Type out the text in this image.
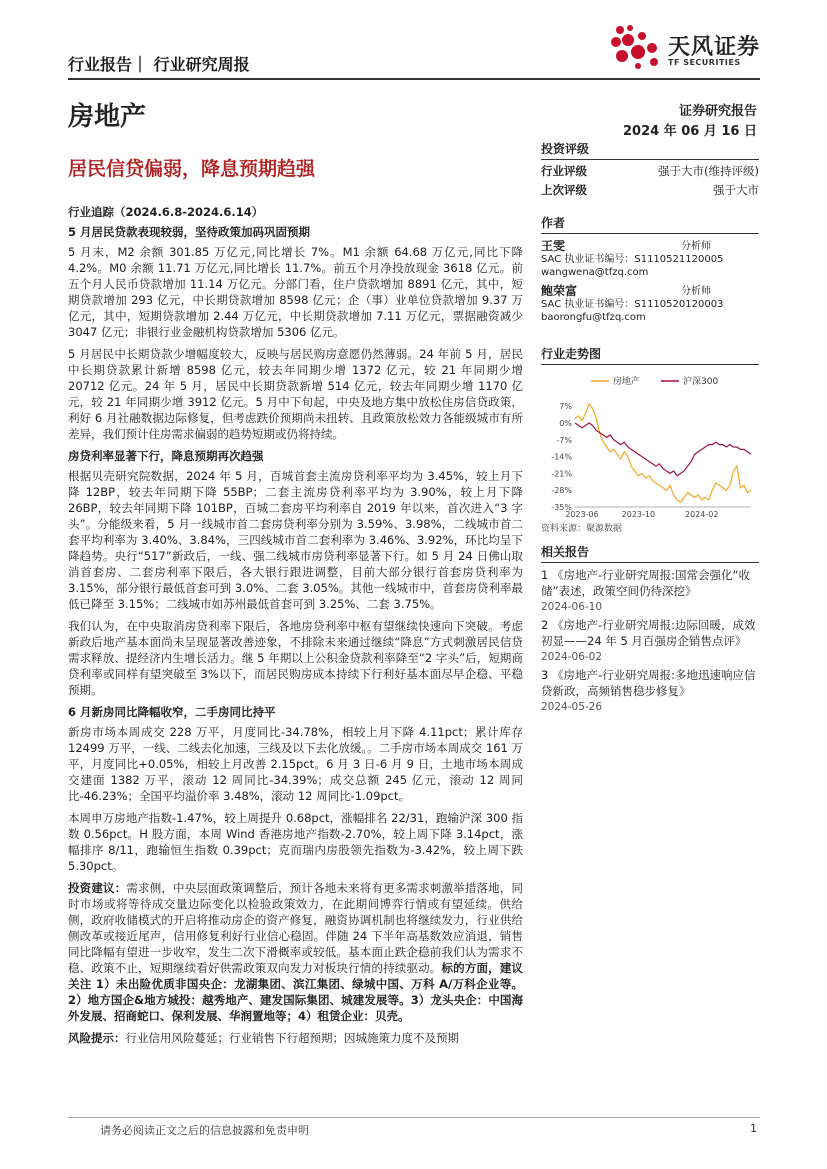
行业报告｜ 行业研究周报
天风证券
TF SECURITIES
房地产	证券研究报告
2024 年 06 月 16 日
居民信贷偏弱，降息预期趋强
行业追踪（2024.6.8-2024.6.14）
5 月居民贷款表现较弱，坚待政策加码巩固预期

5 月末，M2 余额 301.85 万亿元,同比增长 7%。M1 余额 64.68 万亿元,同比下降 4.2%。M0 余额 11.71 万亿元,同比增长 11.7%。前五个月净投放现金 3618 亿元。前五个月人民币贷款增加 11.14 万亿元。分部门看，住户贷款增加 8891 亿元，其中，短期贷款增加 293 亿元，中长期贷款增加 8598 亿元；企（事）业单位贷款增加 9.37 万亿元，其中，短期贷款增加 2.44 万亿元，中长期贷款增加 7.11 万亿元，票据融资减少 3047 亿元；非银行业金融机构贷款增加 5306 亿元。

5 月居民中长期贷款少增幅度较大，反映与居民购房意愿仍然薄弱。24 年前 5 月，居民中长期贷款累计新增 8598 亿元，较去年同期少增 1372 亿元，较 21 年同期少增 20712 亿元。24 年 5 月，居民中长期贷款新增 514 亿元，较去年同期少增 1170 亿元，较 21 年同期少增 3912 亿元。5 月中下旬起，中央及地方集中放松住房信贷政策，利好 6 月社融数据边际修复，但考虑跌价预期尚未扭转、且政策放松效力各能级城市有所差异，我们预计住房需求偏弱的趋势短期或仍将持续。

房贷利率显著下行，降息预期再次趋强

根据贝壳研究院数据，2024 年 5 月，百城首套主流房贷利率平均为 3.45%，较上月下降 12BP，较去年同期下降 55BP；二套主流房贷利率平均为 3.90%，较上月下降 26BP，较去年同期下降 101BP，百城二套房平均利率自 2019 年以来，首次进入“3 字头”。分能级来看，5 月一线城市首二套房贷利率分别为 3.59%、3.98%，二线城市首二套平均利率为 3.40%、3.84%，三四线城市首二套利率为 3.46%、3.92%，环比均呈下降趋势。央行“517”新政后，一线、强二线城市房贷利率显著下行。如 5 月 24 日佛山取消首套房、二套房利率下限后，各大银行跟进调整，目前大部分银行首套房贷利率为 3.15%，部分银行最低首套可到 3.0%、二套 3.05%。其他一线城市中，首套房贷利率最低已降至 3.15%；二线城市如苏州最低首套可到 3.25%、二套 3.75%。

我们认为，在中央取消房贷利率下限后，各地房贷利率中枢有望继续快速向下突破。考虑新政后地产基本面尚未呈现显著改善迹象，不排除未来通过继续“降息”方式刺激居民信贷需求释放、提经济内生增长活力。继 5 年期以上公积金贷款利率降至“2 字头”后，短期商贷利率或同样有望突破至 3%以下，而居民购房成本持续下行利好基本面尽早企稳、平稳预期。

6 月新房同比降幅收窄，二手房同比持平

新房市场本周成交 228 万平，月度同比-34.78%，相较上月下降 4.11pct；累计库存 12499 万平，一线、二线去化加速，三线及以下去化放缓。。二手房市场本周成交 161 万平，月度同比+0.05%，相较上月改善 2.15pct。6 月 3 日-6 月 9 日，土地市场本周成交建面 1382 万平，滚动 12 周同比-34.39%；成交总额 245 亿元，滚动 12 周同比-46.23%；全国平均溢价率 3.48%，滚动 12 周同比-1.09pct。

本周申万房地产指数-1.47%，较上周提升 0.68pct，涨幅排名 22/31，跑输沪深 300 指数 0.56pct。H 股方面，本周 Wind 香港房地产指数-2.70%，较上周下降 3.14pct，涨幅排序 8/11，跑输恒生指数 0.39pct；克而瑞内房股领先指数为-3.42%，较上周下跌 5.30pct。

投资建议：需求侧，中央层面政策调整后，预计各地未来将有更多需求刺激举措落地，同时市场或将等待成交量边际变化以检验政策效力，在此期间博弈行情或有望延续。供给侧，政府收储模式的开启将推动房企的资产修复，融资协调机制也将继续发力，行业供给侧改革或接近尾声，信用修复利好行业信心稳固。伴随 24 下半年高基数效应消退，销售同比降幅有望进一步收窄，发生二次下滑概率或较低。基本面止跌企稳前我们认为需求不稳、政策不止，短期继续看好供需政策双向发力对板块行情的持续驱动。标的方面，建议关注 1）未出险优质非国央企：龙湖集团、滨江集团、绿城中国、万科 A/万科企业等。2）地方国企&地方城投：越秀地产、建发国际集团、城建发展等。3）龙头央企：中国海外发展、招商蛇口、保利发展、华润置地等；4）租赁企业：贝壳。

风险提示：行业信用风险蔓延；行业销售下行超预期；因城施策力度不及预期

投资评级
行业评级	强于大市(维持评级)
上次评级	强于大市
作者
王雯	分析师
SAC 执业证书编号：S1110521120005
wangwena@tfzq.com
鲍荣富	分析师
SAC 执业证书编号：S1110520120003
baorongfu@tfzq.com
行业走势图
房地产	沪深300
7%
0%
-7%
-14%
-21%
-28%
-35%
2023-06	2023-10	2024-02
资料来源：聚源数据
相关报告
1 《房地产-行业研究周报:国常会强化“收储”表述，政策空间仍待深挖》
2024-06-10
2 《房地产-行业研究周报:边际回暖，成效初显——24 年 5 月百强房企销售点评》
2024-06-02
3 《房地产-行业研究周报:多地迅速响应信贷新政，高频销售稳步修复》
2024-05-26
请务必阅读正文之后的信息披露和免责申明	1
